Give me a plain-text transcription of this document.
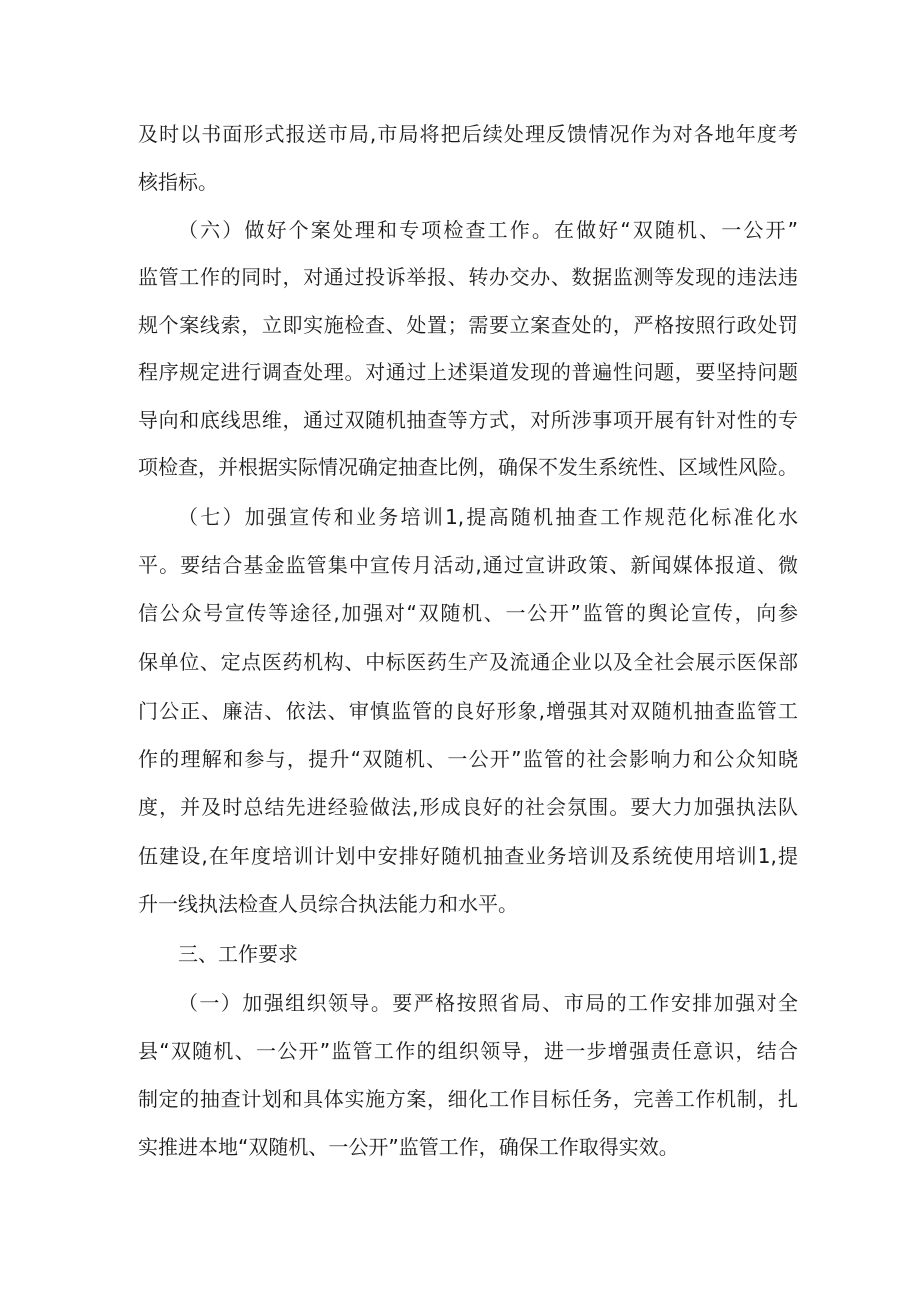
及时以书面形式报送市局,市局将把后续处理反馈情况作为对各地年度考
核指标。
（六）做好个案处理和专项检查工作。在做好“双随机、一公开”
监管工作的同时，对通过投诉举报、转办交办、数据监测等发现的违法违
规个案线索，立即实施检查、处置；需要立案查处的，严格按照行政处罚
程序规定进行调查处理。对通过上述渠道发现的普遍性问题，要坚持问题
导向和底线思维，通过双随机抽查等方式，对所涉事项开展有针对性的专
项检查，并根据实际情况确定抽查比例，确保不发生系统性、区域性风险。
（七）加强宣传和业务培训1,提高随机抽查工作规范化标准化水
平。要结合基金监管集中宣传月活动,通过宣讲政策、新闻媒体报道、微
信公众号宣传等途径,加强对“双随机、一公开”监管的舆论宣传，向参
保单位、定点医药机构、中标医药生产及流通企业以及全社会展示医保部
门公正、廉洁、依法、审慎监管的良好形象,增强其对双随机抽查监管工
作的理解和参与，提升“双随机、一公开”监管的社会影响力和公众知晓
度，并及时总结先进经验做法,形成良好的社会氛围。要大力加强执法队
伍建设,在年度培训计划中安排好随机抽查业务培训及系统使用培训1,提
升一线执法检查人员综合执法能力和水平。
三、工作要求
（一）加强组织领导。要严格按照省局、市局的工作安排加强对全
县“双随机、一公开”监管工作的组织领导，进一步增强责任意识，结合
制定的抽查计划和具体实施方案，细化工作目标任务，完善工作机制，扎
实推进本地“双随机、一公开”监管工作，确保工作取得实效。
